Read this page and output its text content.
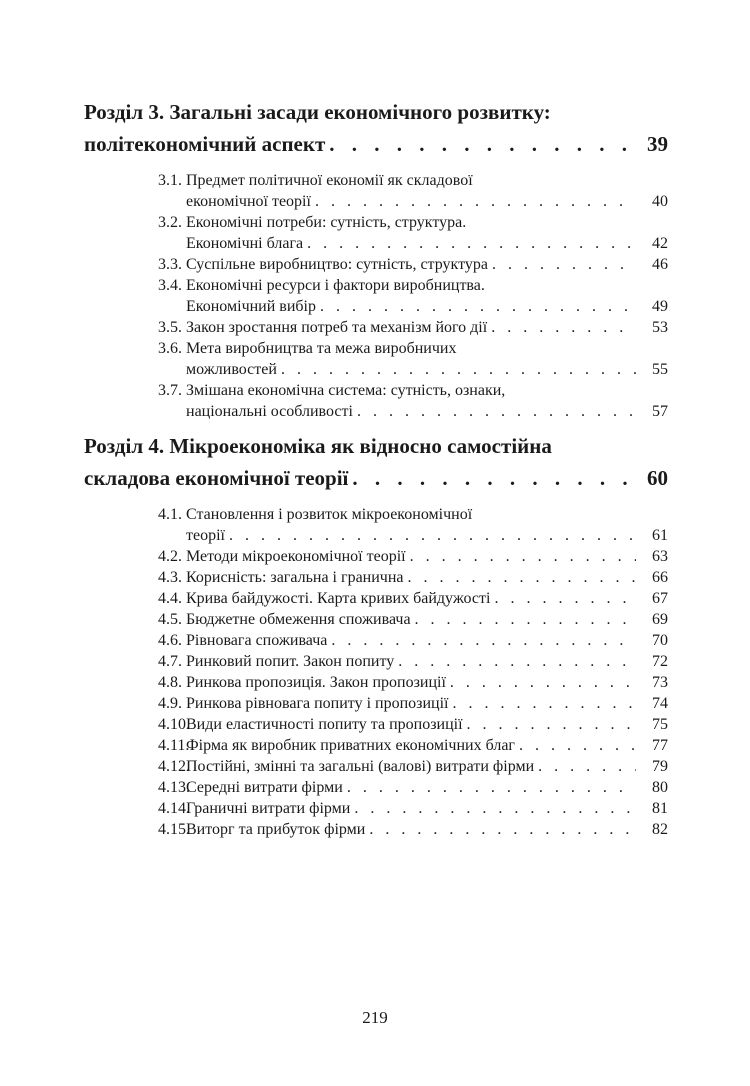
Розділ 3. Загальні засади економічного розвитку:
політекономічний аспект . . .	39
3.1. Предмет політичної економії як складової
економічної теорії . . .	40
3.2. Економічні потреби: сутність, структура.
Економічні блага . . .	42
3.3. Суспільне виробництво: сутність, структура . . .	46
3.4. Економічні ресурси і фактори виробництва.
Економічний вибір . . .	49
3.5. Закон зростання потреб та механізм його дії . . .	53
3.6. Мета виробництва та межа виробничих
можливостей . . .	55
3.7. Змішана економічна система: сутність, ознаки,
національні особливості . . .	57
Розділ 4. Мікроекономіка як відносно самостійна
складова економічної теорії . . .	60
4.1. Становлення і розвиток мікроекономічної
теорії . . .	61
4.2. Методи мікроекономічної теорії . . .	63
4.3. Корисність: загальна і гранична . . .	66
4.4. Крива байдужості. Карта кривих байдужості . . .	67
4.5. Бюджетне обмеження споживача . . .	69
4.6. Рівновага споживача . . .	70
4.7. Ринковий попит. Закон попиту . . .	72
4.8. Ринкова пропозиція. Закон пропозиції . . .	73
4.9. Ринкова рівновага попиту і пропозиції . . .	74
4.10.
Види еластичності попиту та пропозиції . . .	75
4.11.
Фірма як виробник приватних економічних благ . . .	77
4.12.
Постійні, змінні та загальні (валові) витрати фірми . . .	79
4.13.
Середні витрати фірми . . .	80
4.14.
Граничні витрати фірми . . .	81
4.15.
Виторг та прибуток фірми . . .	82
219
